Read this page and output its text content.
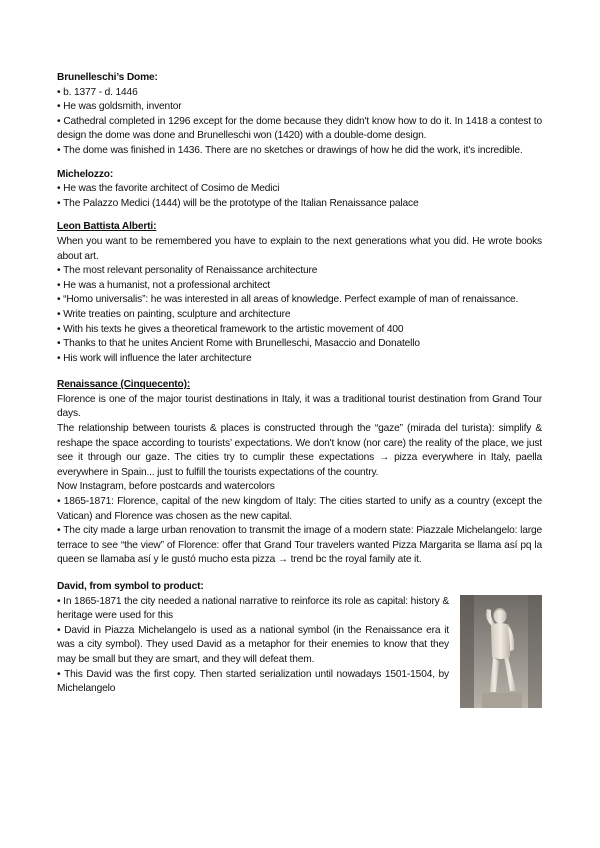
Brunelleschi’s Dome:

• b. 1377 - d. 1446

• He was goldsmith, inventor

• Cathedral completed in 1296 except for the dome because they didn't know how to do it. In 1418 a contest to design the dome was done and Brunelleschi won (1420) with a double-dome design.

• The dome was finished in 1436. There are no sketches or drawings of how he did the work, it's incredible.

Michelozzo:

• He was the favorite architect of Cosimo de Medici

• The Palazzo Medici (1444) will be the prototype of the Italian Renaissance palace

Leon Battista Alberti:

When you want to be remembered you have to explain to the next generations what you did. He wrote books about art.

• The most relevant personality of Renaissance architecture

• He was a humanist, not a professional architect

• “Homo universalis”: he was interested in all areas of knowledge. Perfect example of man of renaissance.

• Write treaties on painting, sculpture and architecture

• With his texts he gives a theoretical framework to the artistic movement of 400

• Thanks to that he unites Ancient Rome with Brunelleschi, Masaccio and Donatello

• His work will influence the later architecture

Renaissance (Cinquecento):

Florence is one of the major tourist destinations in Italy, it was a traditional tourist destination from Grand Tour days.

The relationship between tourists & places is constructed through the “gaze” (mirada del turista): simplify & reshape the space according to tourists’ expectations. We don't know (nor care) the reality of the place, we just see it through our gaze. The cities try to cumplir these expectations → pizza everywhere in Italy, paella everywhere in Spain... just to fulfill the tourists expectations of the country.

Now Instagram, before postcards and watercolors

• 1865-1871: Florence, capital of the new kingdom of Italy: The cities started to unify as a country (except the Vatican) and Florence was chosen as the new capital.

• The city made a large urban renovation to transmit the image of a modern state: Piazzale Michelangelo: large terrace to see “the view” of Florence: offer that Grand Tour travelers wanted Pizza Margarita se llama así pq la queen se llamaba así y le gustó mucho esta pizza → trend bc the royal family ate it.

David, from symbol to product:

• In 1865-1871 the city needed a national narrative to reinforce its role as capital: history & heritage were used for this

• David in Piazza Michelangelo is used as a national symbol (in the Renaissance era it was a city symbol). They used David as a metaphor for their enemies to know that they may be small but they are smart, and they will defeat them.

• This David was the first copy. Then started serialization until nowadays 1501-1504, by Michelangelo
